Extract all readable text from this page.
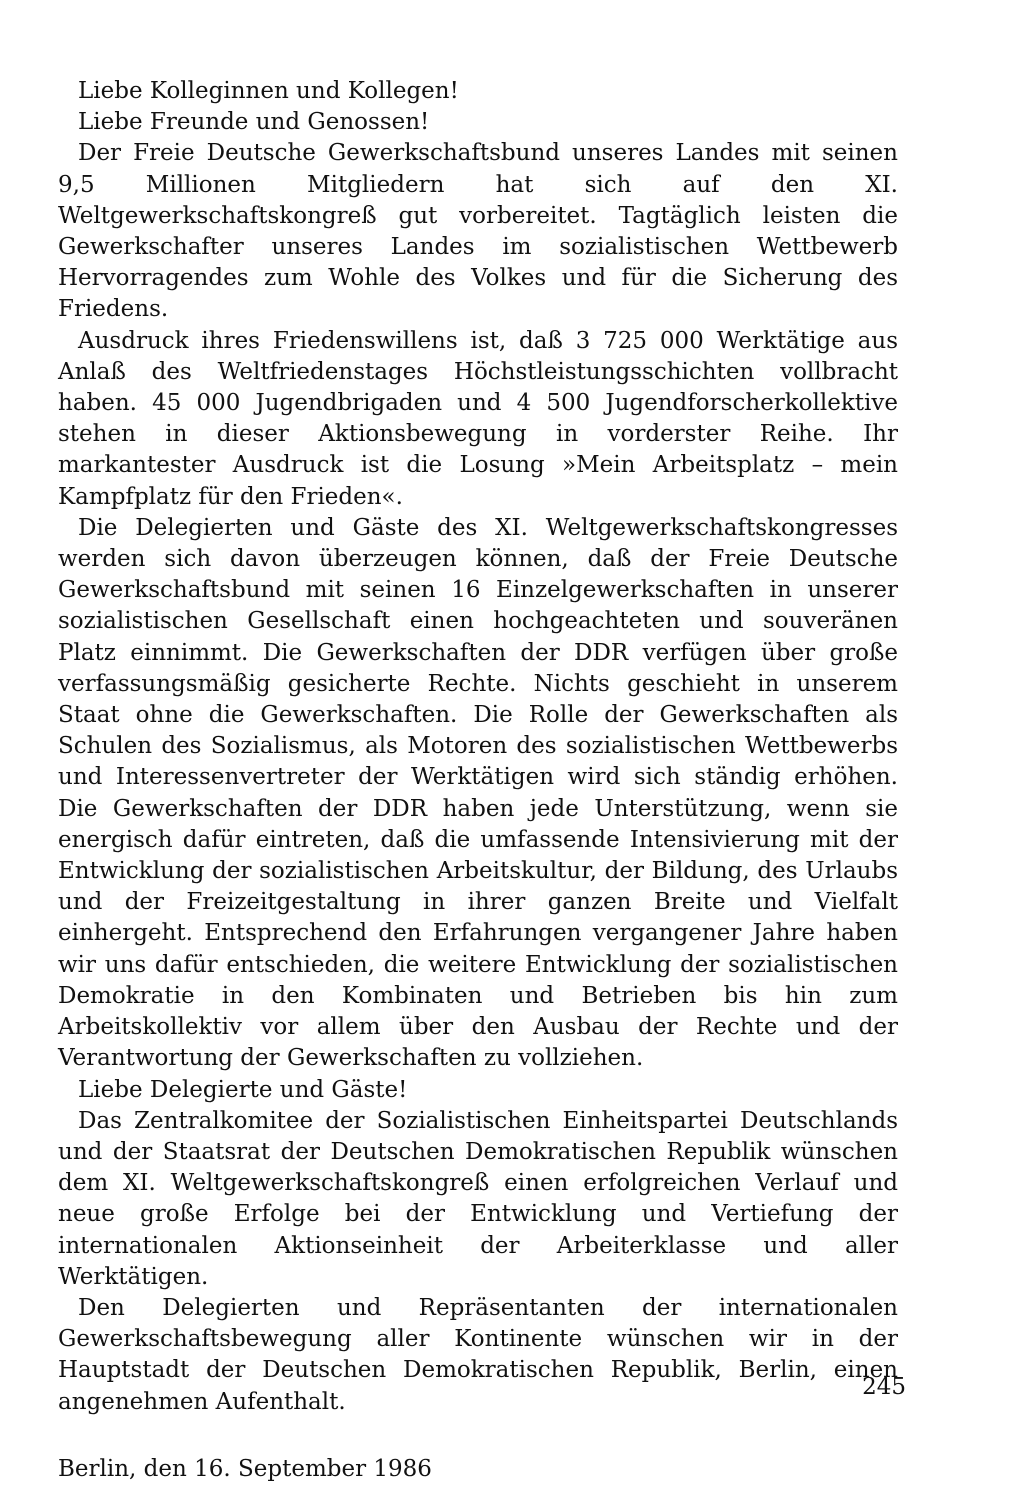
Liebe Kolleginnen und Kollegen!

Liebe Freunde und Genossen!

Der Freie Deutsche Gewerkschaftsbund unseres Landes mit seinen 9,5 Millionen Mitgliedern hat sich auf den XI. Weltgewerkschaftskongreß gut vorbereitet. Tagtäglich leisten die Gewerkschafter unseres Landes im sozialistischen Wettbewerb Hervorragendes zum Wohle des Volkes und für die Sicherung des Friedens.

Ausdruck ihres Friedenswillens ist, daß 3 725 000 Werktätige aus Anlaß des Weltfriedenstages Höchstleistungsschichten vollbracht haben. 45 000 Jugendbrigaden und 4 500 Jugendforscherkollektive stehen in dieser Aktionsbewegung in vorderster Reihe. Ihr markantester Ausdruck ist die Losung »Mein Arbeitsplatz – mein Kampfplatz für den Frieden«.

Die Delegierten und Gäste des XI. Weltgewerkschaftskongresses werden sich davon überzeugen können, daß der Freie Deutsche Gewerkschaftsbund mit seinen 16 Einzelgewerkschaften in unserer sozialistischen Gesellschaft einen hochgeachteten und souveränen Platz einnimmt. Die Gewerkschaften der DDR verfügen über große verfassungsmäßig gesicherte Rechte. Nichts geschieht in unserem Staat ohne die Gewerkschaften. Die Rolle der Gewerkschaften als Schulen des Sozialismus, als Motoren des sozialistischen Wettbewerbs und Interessenvertreter der Werktätigen wird sich ständig erhöhen. Die Gewerkschaften der DDR haben jede Unterstützung, wenn sie energisch dafür eintreten, daß die umfassende Intensivierung mit der Entwicklung der sozialistischen Arbeitskultur, der Bildung, des Urlaubs und der Freizeitgestaltung in ihrer ganzen Breite und Vielfalt einhergeht. Entsprechend den Erfahrungen vergangener Jahre haben wir uns dafür entschieden, die weitere Entwicklung der sozialistischen Demokratie in den Kombinaten und Betrieben bis hin zum Arbeitskollektiv vor allem über den Ausbau der Rechte und der Verantwortung der Gewerkschaften zu vollziehen.

Liebe Delegierte und Gäste!

Das Zentralkomitee der Sozialistischen Einheitspartei Deutschlands und der Staatsrat der Deutschen Demokratischen Republik wünschen dem XI. Weltgewerkschaftskongreß einen erfolgreichen Verlauf und neue große Erfolge bei der Entwicklung und Vertiefung der internationalen Aktionseinheit der Arbeiterklasse und aller Werktätigen.

Den Delegierten und Repräsentanten der internationalen Gewerkschaftsbewegung aller Kontinente wünschen wir in der Hauptstadt der Deutschen Demokratischen Republik, Berlin, einen angenehmen Aufenthalt.

Berlin, den 16. September 1986

245
